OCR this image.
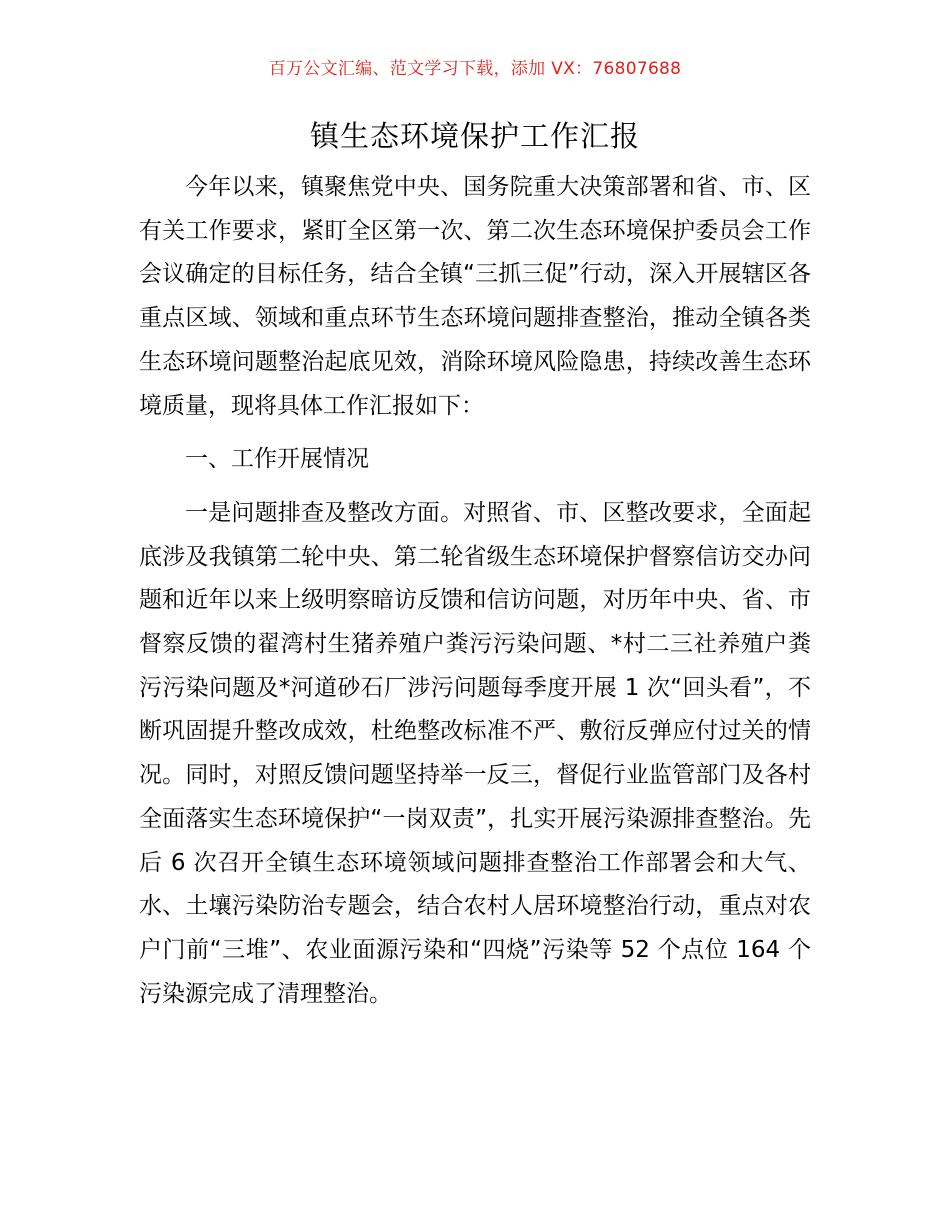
百万公文汇编、范文学习下载，添加 VX：76807688
镇生态环境保护工作汇报

今年以来，镇聚焦党中央、国务院重大决策部署和省、市、区有关工作要求，紧盯全区第一次、第二次生态环境保护委员会工作会议确定的目标任务，结合全镇“三抓三促”行动，深入开展辖区各重点区域、领域和重点环节生态环境问题排查整治，推动全镇各类生态环境问题整治起底见效，消除环境风险隐患，持续改善生态环境质量，现将具体工作汇报如下：

一、工作开展情况

一是问题排查及整改方面。对照省、市、区整改要求，全面起底涉及我镇第二轮中央、第二轮省级生态环境保护督察信访交办问题和近年以来上级明察暗访反馈和信访问题，对历年中央、省、市督察反馈的翟湾村生猪养殖户粪污污染问题、*村二三社养殖户粪污污染问题及*河道砂石厂涉污问题每季度开展 1 次“回头看”，不断巩固提升整改成效，杜绝整改标准不严、敷衍反弹应付过关的情况。同时，对照反馈问题坚持举一反三，督促行业监管部门及各村全面落实生态环境保护“一岗双责”，扎实开展污染源排查整治。先后 6 次召开全镇生态环境领域问题排查整治工作部署会和大气、水、土壤污染防治专题会，结合农村人居环境整治行动，重点对农户门前“三堆”、农业面源污染和“四烧”污染等 52 个点位 164 个污染源完成了清理整治。
